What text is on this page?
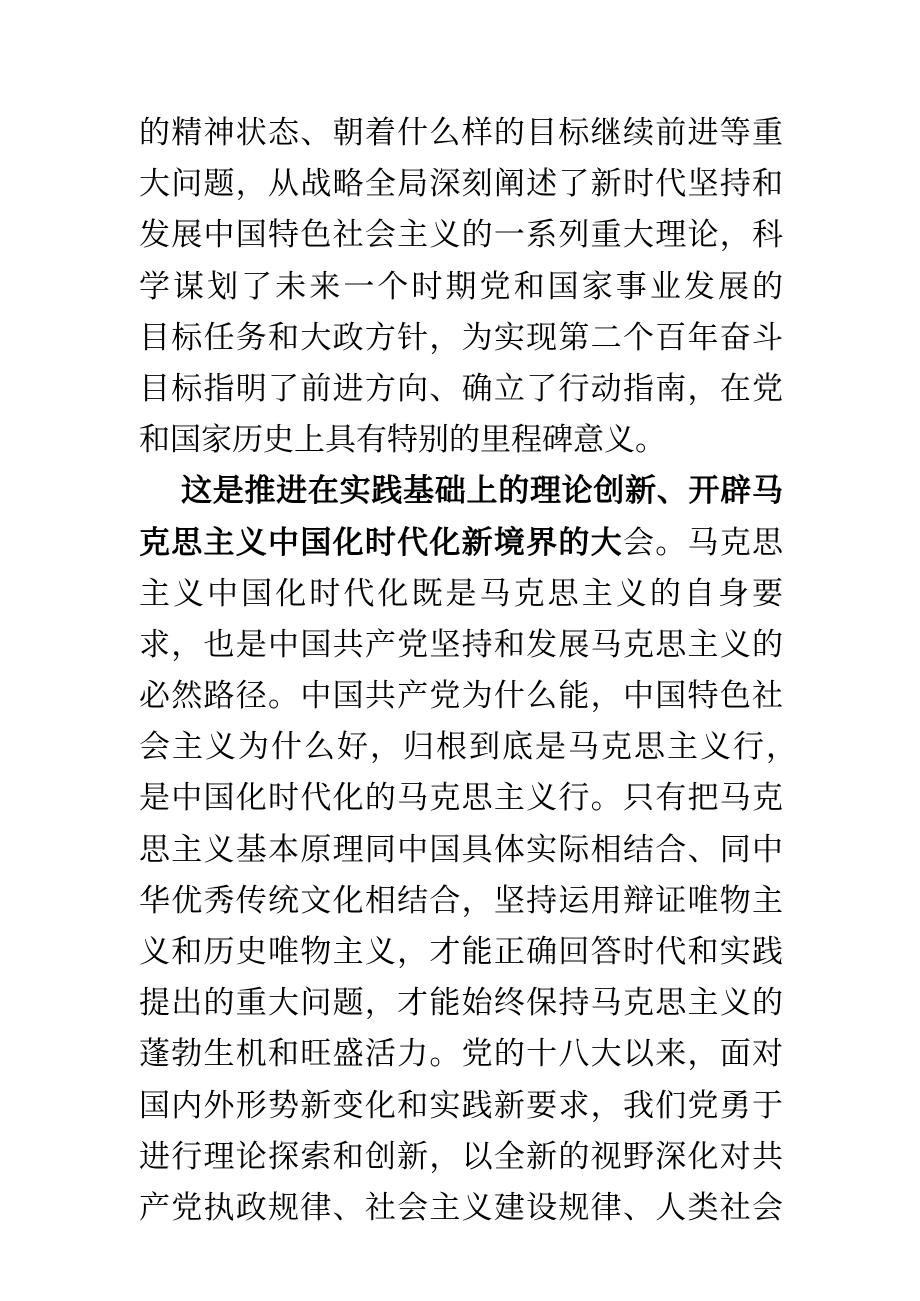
的精神状态、朝着什么样的目标继续前进等重
大问题，从战略全局深刻阐述了新时代坚持和
发展中国特色社会主义的一系列重大理论，科
学谋划了未来一个时期党和国家事业发展的
目标任务和大政方针，为实现第二个百年奋斗
目标指明了前进方向、确立了行动指南，在党
和国家历史上具有特别的里程碑意义。
这是推进在实践基础上的理论创新、开辟马
克思主义中国化时代化新境界的大会。马克思
主义中国化时代化既是马克思主义的自身要
求，也是中国共产党坚持和发展马克思主义的
必然路径。中国共产党为什么能，中国特色社
会主义为什么好，归根到底是马克思主义行，
是中国化时代化的马克思主义行。只有把马克
思主义基本原理同中国具体实际相结合、同中
华优秀传统文化相结合，坚持运用辩证唯物主
义和历史唯物主义，才能正确回答时代和实践
提出的重大问题，才能始终保持马克思主义的
蓬勃生机和旺盛活力。党的十八大以来，面对
国内外形势新变化和实践新要求，我们党勇于
进行理论探索和创新，以全新的视野深化对共
产党执政规律、社会主义建设规律、人类社会
